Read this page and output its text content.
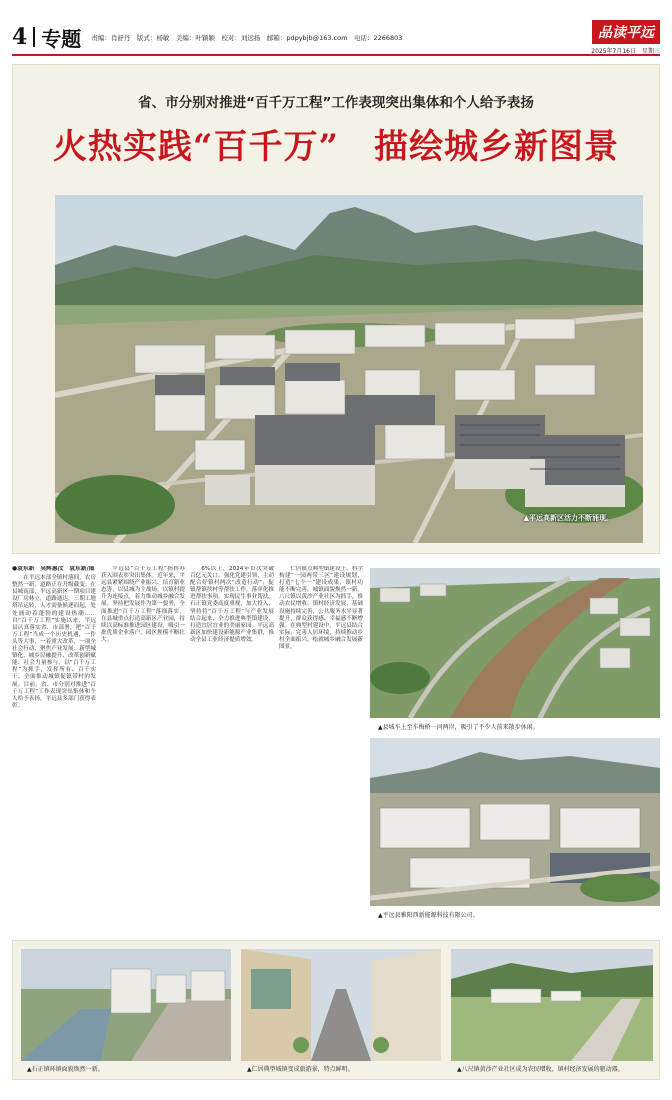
4 专题 责编：肖舒丹　版式：杨敏　美编：叶颖颖　校对：刘远扬　邮箱：pdpybjb@163.com　电话：2266803	品读平远
2025年7月16日　星期三
省、市分别对推进“百千万工程”工作表现突出集体和个人给予表扬
火热实践“百千万”　描绘城乡新图景
▲平远高新区活力不断涌现。
●袁东新　吴辉惠汶　袁东新/图

在平远本部全镇村落间，农房整然一新，道路正在升级截变；在县城南部，平远高新区一期项目建设厂房林立，道路通达，三期工地塔吊运转，人才需备候逐而起，处处涌动着蓬勃的建设热潮……自“百千万工程”实施以来，平远县认真落实省、市部署，把“百千万工程”当成一个历史机遇，一件头等大事，一着重大改革，一项全社会行动，聚焦产业发展、新型城镇化、城乡民融提升、改革创新赋能、社会力量参与，以“百千万工程”为抓手，发挥所有、百千实干，全面推动城镇促镇带村的发展。目前，省、市分别对推进“百千万工程”工作表现突出集体和个人给予表扬，平远县多部门获得表彰。

平远县“百千万工程”指挥办获入围表彰突出集体。近年来，平远县紧紧围绕产业振兴、培育新业态等，以县城为主战场，以镇村提升为连接点，着力推动城乡融合发展。坚持把发展作为第一要务，全面推进“百千万工程”落细落实，在县城重点打造高新区产业园，持续以高标准推进园区建设，吸引一批优质企业落户，园区规模不断壮大。

6%以上，2024年首次突破百亿元关口。强化党建引领，主动配合好镇村两次“改造行动”，促镇帮镇扶村等帮扶工作，落单化推进帮扶事项，实现民生事业帮扶。石正镇党委高度重视，加大投入，坚持将“百千万工程”与产业发展结合起来，全力推进典型镇建设，打造宜居宜业的美丽家园。平远高新区加快建设新能源产业集群，推动全县工业经济提质增效。

仁居镇点典型镇建设上，科学构建“一园两带三区”建设规划，打造“七个一”建设成果，镇村功能不断完善，城镇面貌焕然一新。八尺镇以黄沙产业社区为抓手，推动农民增收、镇村经济发展，基础设施持续完善，公共服务水平显著提升，群众获得感、幸福感不断增强。在典型村建设中，平远县结合实际，完善人居环境，持续推动乡村全面振兴，绘就城乡融合发展新图景。

▲县城车上至车梅桥一河两岸，吸引了不少人前来散步休闲。
▲平远县雅阳西新能源科技有限公司。
▲石正镇环镇面貌焕然一新。	▲仁居典型城镇变成旅游景，特点鲜明。	▲八尺镇黄沙产业社区成为农民增收、镇村经济发展的驱动器。
